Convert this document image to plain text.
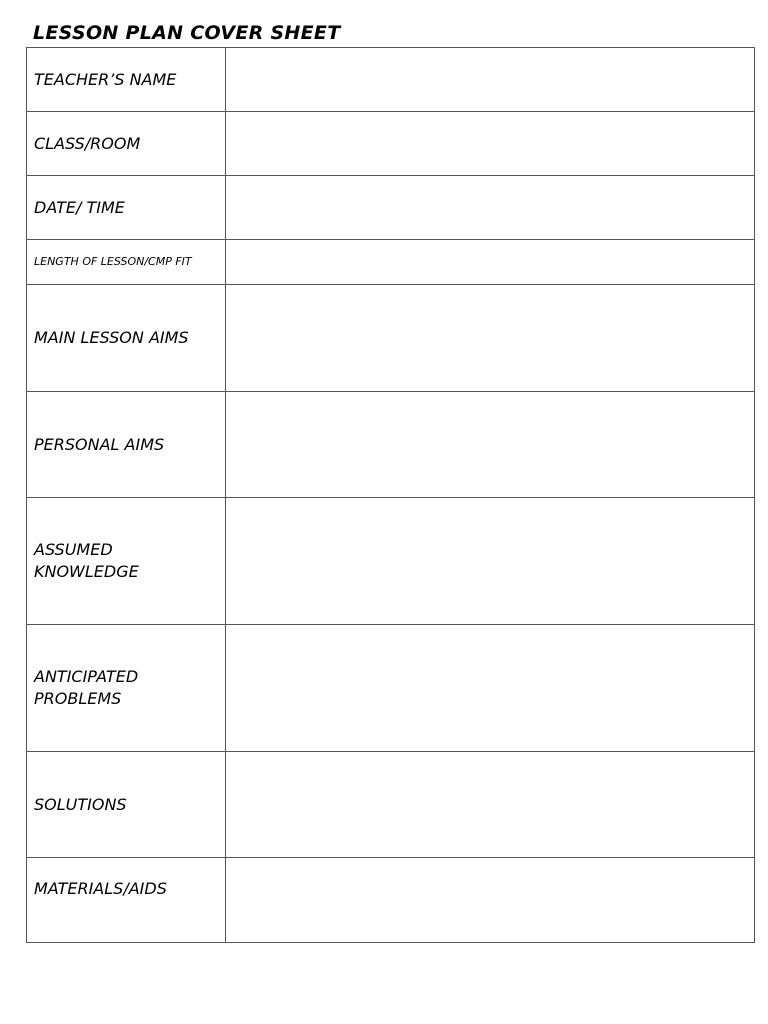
LESSON PLAN COVER SHEET
TEACHER’S NAME	
CLASS/ROOM	
DATE/ TIME	
LENGTH OF LESSON/CMP FIT	
MAIN LESSON AIMS	
PERSONAL AIMS	

ASSUMED
KNOWLEDGE	

ANTICIPATED
PROBLEMS	

SOLUTIONS	
MATERIALS/AIDS	
